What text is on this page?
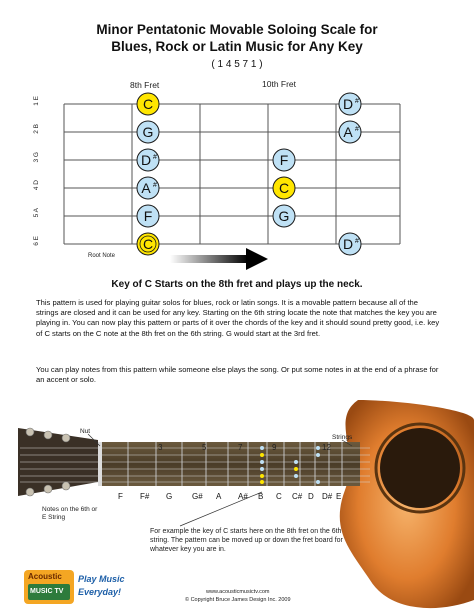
Minor Pentatonic Movable Soloing Scale for
Blues, Rock or Latin Music for Any Key
( 1 4 5 7 1 )
8th Fret	10th Fret
C	D #
G	A #
D #	F
A #	C
F	G
C	D #
1 E
2 B
3 G
4 D
5 A
6 E
Root Note
Key of C Starts on the 8th fret and plays up the neck.
This pattern is used for playing guitar solos for blues, rock or latin songs. It is a movable pattern because all of the strings are closed and it can be used for any key. Starting on the 6th string locate the note that matches the key you are playing in. You can now play this pattern or parts of it over the chords of the key and it should sound pretty good, i.e. key of C starts on the C note at the 8th fret on the 6th string. G would start at the 3rd fret.
You can play notes from this pattern while someone else plays the song. Or put some notes in at the end of a phrase for an accent or solo.
Nut
Strings
3	5	7	9	12
F F# G G# A A# B C C# D D# E
Notes on the 6th or E String
For example the key of C starts here on the 8th fret on the 6th string. The pattern can be moved up or down the fret board for whatever key you are in.
www.acousticmusictv.com
© Copyright Bruce James Design Inc. 2009
Acoustic
MUSIC TV
Play Music
Everyday!
